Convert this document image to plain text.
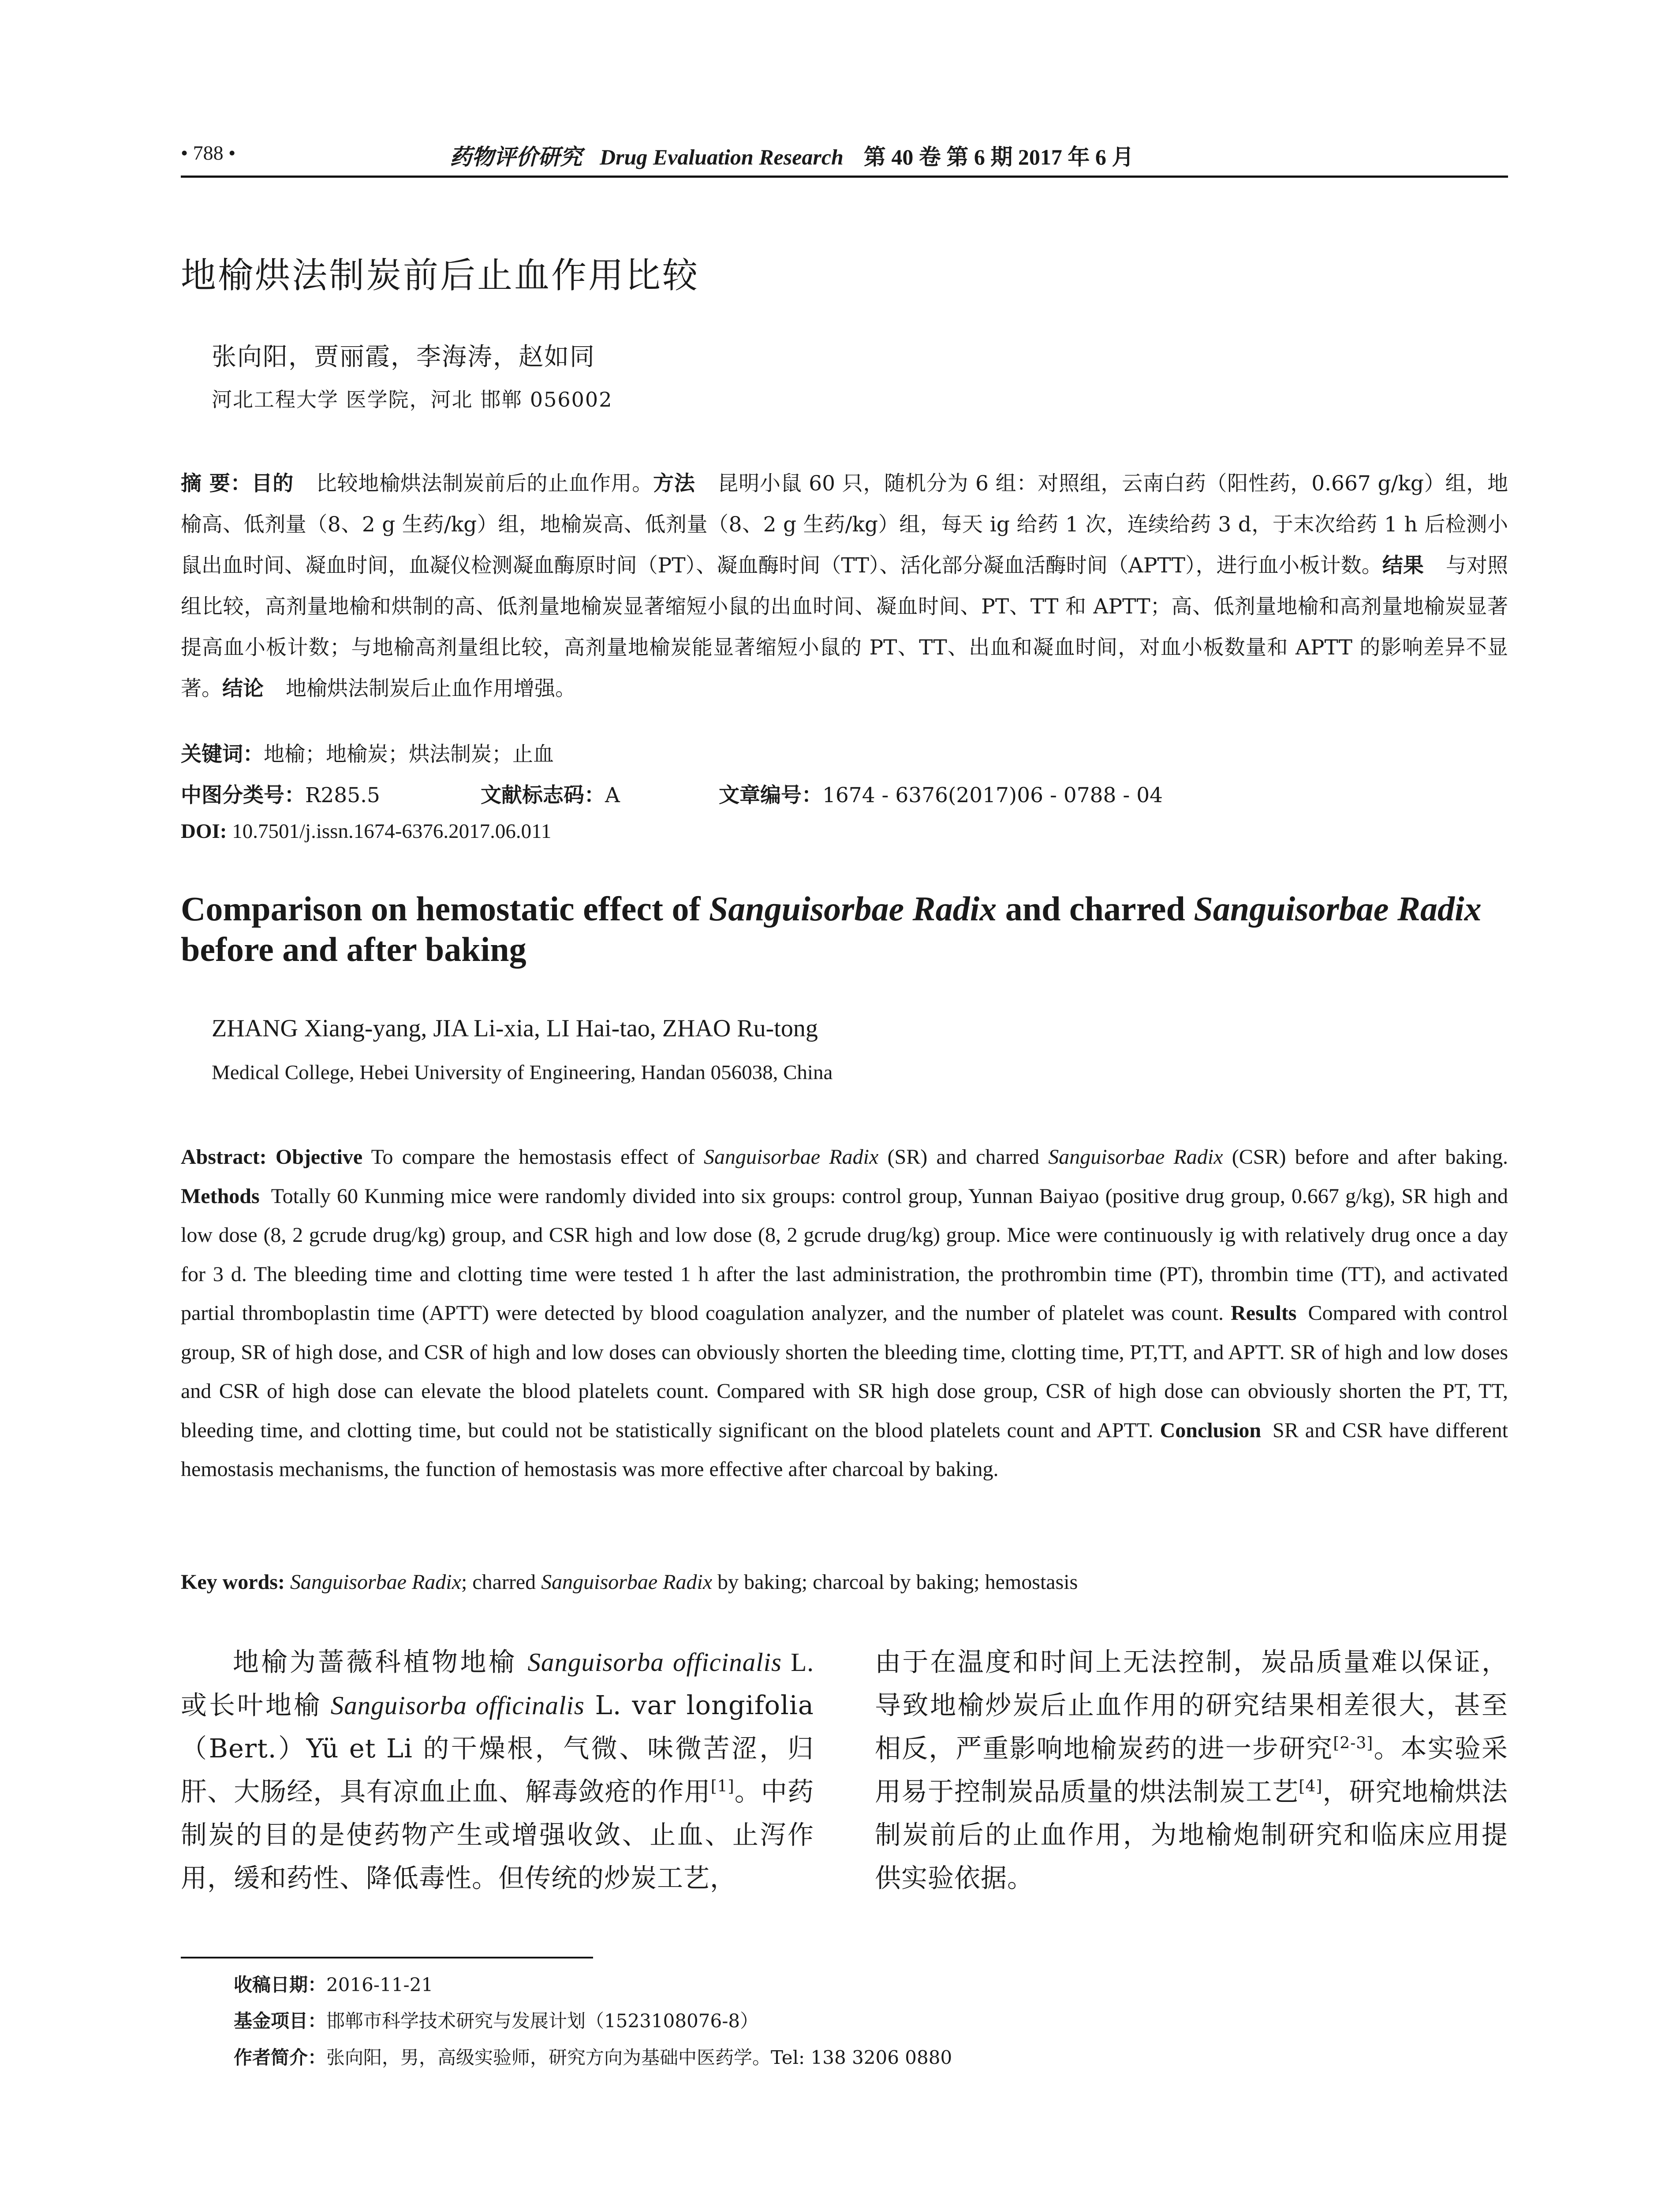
• 788 •	药物评价研究 Drug Evaluation Research 第 40 卷 第 6 期 2017 年 6 月
地榆烘法制炭前后止血作用比较
张向阳，贾丽霞，李海涛，赵如同
河北工程大学 医学院，河北 邯郸 056002
摘 要：目的 比较地榆烘法制炭前后的止血作用。方法 昆明小鼠 60 只，随机分为 6 组：对照组，云南白药（阳性药，0.667 g/kg）组，地榆高、低剂量（8、2 g 生药/kg）组，地榆炭高、低剂量（8、2 g 生药/kg）组，每天 ig 给药 1 次，连续给药 3 d，于末次给药 1 h 后检测小鼠出血时间、凝血时间，血凝仪检测凝血酶原时间（PT）、凝血酶时间（TT）、活化部分凝血活酶时间（APTT），进行血小板计数。结果 与对照组比较，高剂量地榆和烘制的高、低剂量地榆炭显著缩短小鼠的出血时间、凝血时间、PT、TT 和 APTT；高、低剂量地榆和高剂量地榆炭显著提高血小板计数；与地榆高剂量组比较，高剂量地榆炭能显著缩短小鼠的 PT、TT、出血和凝血时间，对血小板数量和 APTT 的影响差异不显著。结论 地榆烘法制炭后止血作用增强。
关键词：地榆；地榆炭；烘法制炭；止血
中图分类号：R285.5	文献标志码：A	文章编号：1674 - 6376(2017)06 - 0788 - 04
DOI: 10.7501/j.issn.1674-6376.2017.06.011
Comparison on hemostatic effect of Sanguisorbae Radix and charred Sanguisorbae Radix before and after baking
ZHANG Xiang-yang, JIA Li-xia, LI Hai-tao, ZHAO Ru-tong
Medical College, Hebei University of Engineering, Handan 056038, China
Abstract: Objective To compare the hemostasis effect of Sanguisorbae Radix (SR) and charred Sanguisorbae Radix (CSR) before and after baking. Methods Totally 60 Kunming mice were randomly divided into six groups: control group, Yunnan Baiyao (positive drug group, 0.667 g/kg), SR high and low dose (8, 2 gcrude drug/kg) group, and CSR high and low dose (8, 2 gcrude drug/kg) group. Mice were continuously ig with relatively drug once a day for 3 d. The bleeding time and clotting time were tested 1 h after the last administration, the prothrombin time (PT), thrombin time (TT), and activated partial thromboplastin time (APTT) were detected by blood coagulation analyzer, and the number of platelet was count. Results Compared with control group, SR of high dose, and CSR of high and low doses can obviously shorten the bleeding time, clotting time, PT,TT, and APTT. SR of high and low doses and CSR of high dose can elevate the blood platelets count. Compared with SR high dose group, CSR of high dose can obviously shorten the PT, TT, bleeding time, and clotting time, but could not be statistically significant on the blood platelets count and APTT. Conclusion SR and CSR have different hemostasis mechanisms, the function of hemostasis was more effective after charcoal by baking.
Key words: Sanguisorbae Radix; charred Sanguisorbae Radix by baking; charcoal by baking; hemostasis
地榆为蔷薇科植物地榆 Sanguisorba officinalis L.或长叶地榆 Sanguisorba officinalis L. var longifolia（Bert.）Yü et Li 的干燥根，气微、味微苦涩，归肝、大肠经，具有凉血止血、解毒敛疮的作用[1]。中药制炭的目的是使药物产生或增强收敛、止血、止泻作用，缓和药性、降低毒性。但传统的炒炭工艺，
由于在温度和时间上无法控制，炭品质量难以保证，导致地榆炒炭后止血作用的研究结果相差很大，甚至相反，严重影响地榆炭药的进一步研究[2-3]。本实验采用易于控制炭品质量的烘法制炭工艺[4]，研究地榆烘法制炭前后的止血作用，为地榆炮制研究和临床应用提供实验依据。
收稿日期：2016-11-21
基金项目：邯郸市科学技术研究与发展计划（1523108076-8）
作者简介：张向阳，男，高级实验师，研究方向为基础中医药学。Tel: 138 3206 0880
